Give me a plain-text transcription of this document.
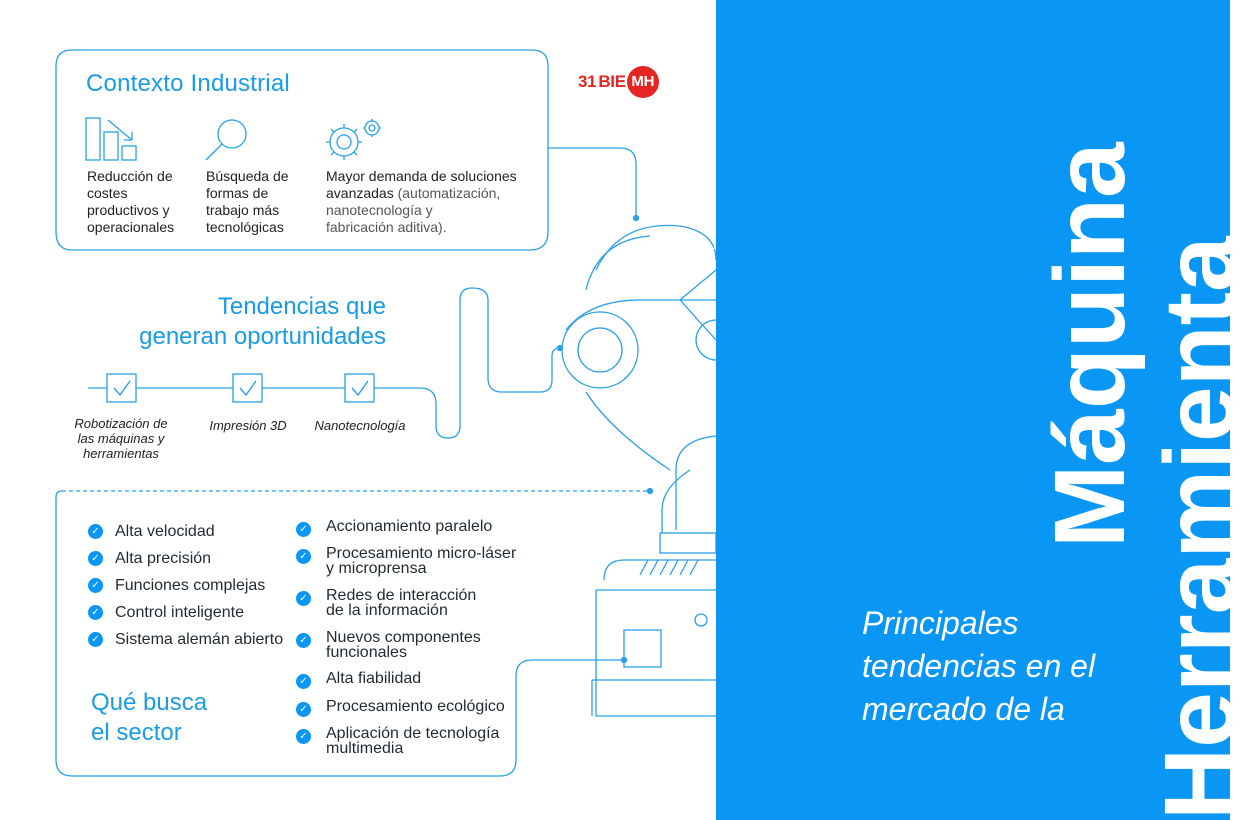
31 BIE MH
Contexto Industrial
Reducción de
costes
productivos y
operacionales
Búsqueda de
formas de
trabajo más
tecnológicas
Mayor demanda de soluciones
avanzadas (automatización,
nanotecnología y
fabricación aditiva).
Tendencias que
generan oportunidades
Robotización de
las máquinas y
herramientas
Impresión 3D	Nanotecnología
✓ Alta velocidad
✓ Alta precisión
✓ Funciones complejas
✓ Control inteligente
✓ Sistema alemán abierto
✓ Accionamiento paralelo
✓ Procesamiento micro-láser
y microprensa
✓ Redes de interacción
de la información
✓ Nuevos componentes
funcionales
✓ Alta fiabilidad
✓ Procesamiento ecológico
✓ Aplicación de tecnología
multimedia
Qué busca
el sector
Principales
tendencias en el
mercado de la
Máquina
Herramienta
